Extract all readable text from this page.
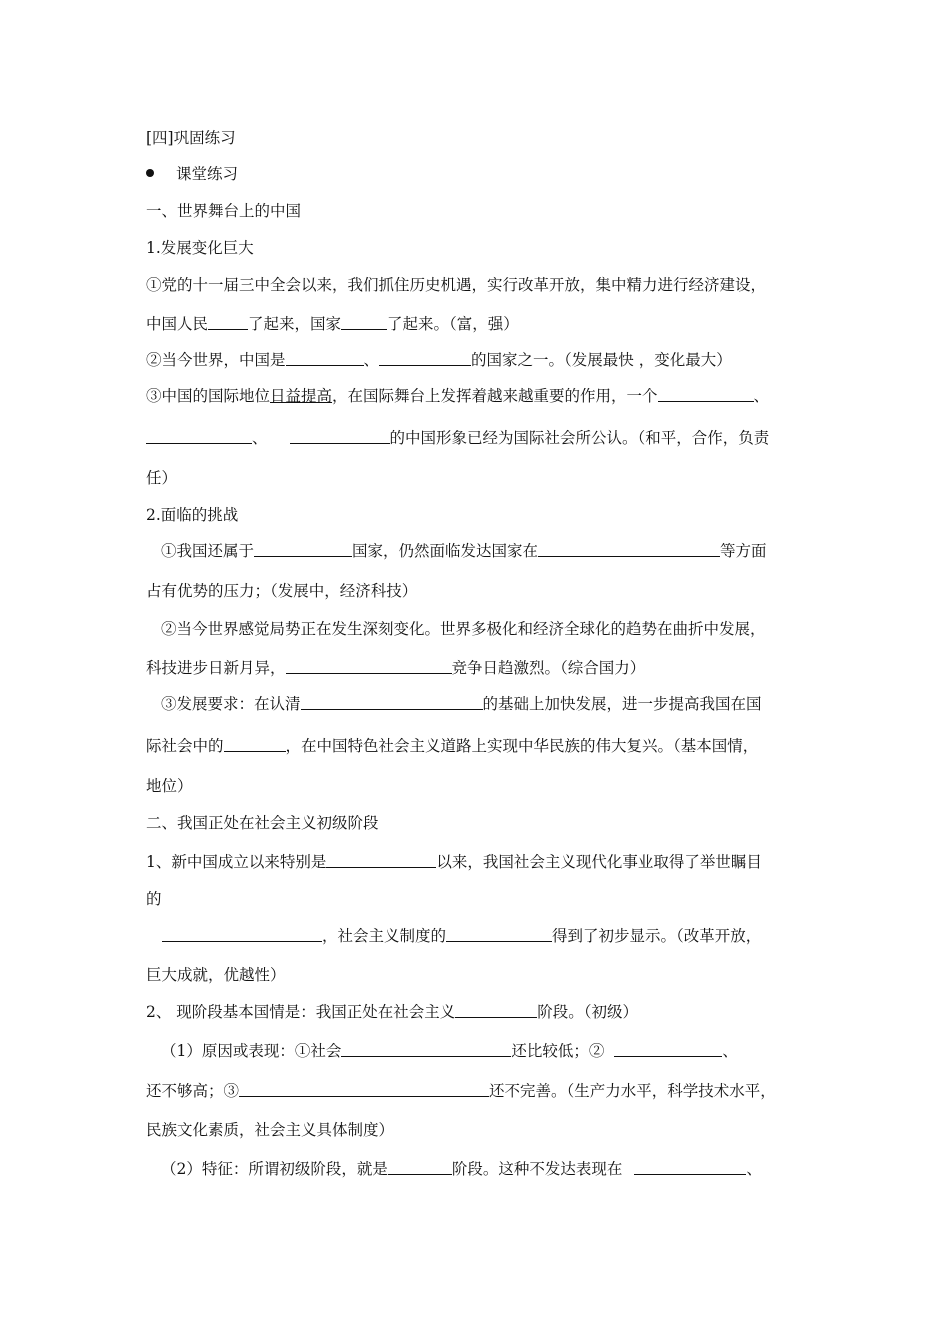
[四]巩固练习
课堂练习
一、世界舞台上的中国
1.发展变化巨大
①党的十一届三中全会以来，我们抓住历史机遇，实行改革开放，集中精力进行经济建设，
中国人民	了起来，国家	了起来。（富，强）
②当今世界，中国是	、	的国家之一。（发展最快 ，变化最大）
③中国的国际地位日益提高，在国际舞台上发挥着越来越重要的作用，一个	、
、	的中国形象已经为国际社会所公认。（和平，合作，负责
任）
2.面临的挑战
①我国还属于	国家，仍然面临发达国家在	等方面
占有优势的压力；（发展中，经济科技）
②当今世界感觉局势正在发生深刻变化。世界多极化和经济全球化的趋势在曲折中发展，
科技进步日新月异，	竞争日趋激烈。（综合国力）
③发展要求：在认清	的基础上加快发展，进一步提高我国在国
际社会中的	，在中国特色社会主义道路上实现中华民族的伟大复兴。（基本国情，
地位）
二、我国正处在社会主义初级阶段
1、新中国成立以来特别是	以来，我国社会主义现代化事业取得了举世瞩目
的
，社会主义制度的	得到了初步显示。（改革开放，
巨大成就，优越性）
2、 现阶段基本国情是：我国正处在社会主义	阶段。（初级）
（1）原因或表现：①社会	还比较低；②	、
还不够高；③	还不完善。（生产力水平，科学技术水平，
民族文化素质，社会主义具体制度）
（2）特征：所谓初级阶段，就是	阶段。这种不发达表现在	、
